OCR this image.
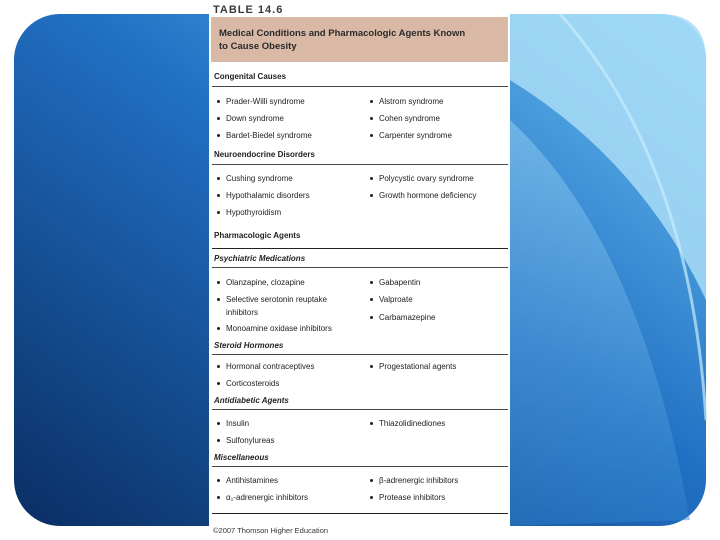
TABLE 14.6
Medical Conditions and Pharmacologic Agents Known
to Cause Obesity
Congenital Causes
Prader-Willi syndrome
Down syndrome
Bardet-Biedel syndrome
Alstrom syndrome
Cohen syndrome
Carpenter syndrome
Neuroendocrine Disorders
Cushing syndrome
Hypothalamic disorders
Hypothyroidism
Polycystic ovary syndrome
Growth hormone deficiency
Pharmacologic Agents
Psychiatric Medications
Olanzapine, clozapine
Selective serotonin reuptake
inhibitors
Monoamine oxidase inhibitors
Gabapentin
Valproate
Carbamazepine
Steroid Hormones
Hormonal contraceptives
Corticosteroids
Progestational agents
Antidiabetic Agents
Insulin
Sulfonylureas
Thiazolidinediones
Miscellaneous
Antihistamines
α₁-adrenergic inhibitors
β-adrenergic inhibitors
Protease inhibitors
©2007 Thomson Higher Education
